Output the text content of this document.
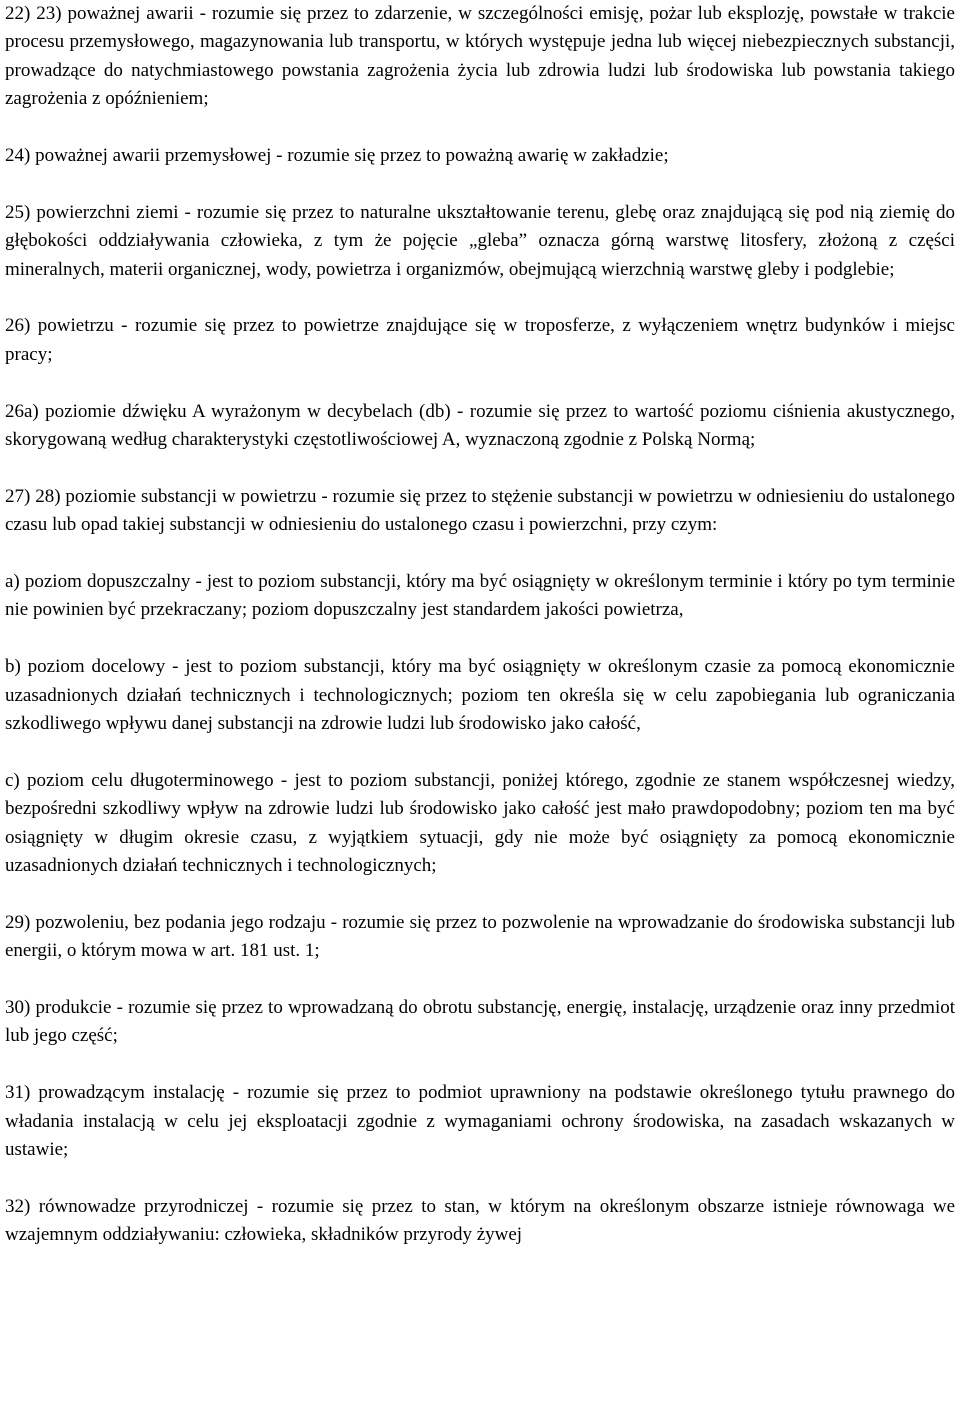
22) 23) poważnej awarii - rozumie się przez to zdarzenie, w szczególności emisję, pożar lub eksplozję, powstałe w trakcie procesu przemysłowego, magazynowania lub transportu, w których występuje jedna lub więcej niebezpiecznych substancji, prowadzące do natychmiastowego powstania zagrożenia życia lub zdrowia ludzi lub środowiska lub powstania takiego zagrożenia z opóźnieniem;

24) poważnej awarii przemysłowej - rozumie się przez to poważną awarię w zakładzie;

25) powierzchni ziemi - rozumie się przez to naturalne ukształtowanie terenu, glebę oraz znajdującą się pod nią ziemię do głębokości oddziaływania człowieka, z tym że pojęcie „gleba” oznacza górną warstwę litosfery, złożoną z części mineralnych, materii organicznej, wody, powietrza i organizmów, obejmującą wierzchnią warstwę gleby i podglebie;

26) powietrzu - rozumie się przez to powietrze znajdujące się w troposferze, z wyłączeniem wnętrz budynków i miejsc pracy;

26a) poziomie dźwięku A wyrażonym w decybelach (db) - rozumie się przez to wartość poziomu ciśnienia akustycznego, skorygowaną według charakterystyki częstotliwościowej A, wyznaczoną zgodnie z Polską Normą;

27) 28) poziomie substancji w powietrzu - rozumie się przez to stężenie substancji w powietrzu w odniesieniu do ustalonego czasu lub opad takiej substancji w odniesieniu do ustalonego czasu i powierzchni, przy czym:

a) poziom dopuszczalny - jest to poziom substancji, który ma być osiągnięty w określonym terminie i który po tym terminie nie powinien być przekraczany; poziom dopuszczalny jest standardem jakości powietrza,

b) poziom docelowy - jest to poziom substancji, który ma być osiągnięty w określonym czasie za pomocą ekonomicznie uzasadnionych działań technicznych i technologicznych; poziom ten określa się w celu zapobiegania lub ograniczania szkodliwego wpływu danej substancji na zdrowie ludzi lub środowisko jako całość,

c) poziom celu długoterminowego - jest to poziom substancji, poniżej którego, zgodnie ze stanem współczesnej wiedzy, bezpośredni szkodliwy wpływ na zdrowie ludzi lub środowisko jako całość jest mało prawdopodobny; poziom ten ma być osiągnięty w długim okresie czasu, z wyjątkiem sytuacji, gdy nie może być osiągnięty za pomocą ekonomicznie uzasadnionych działań technicznych i technologicznych;

29) pozwoleniu, bez podania jego rodzaju - rozumie się przez to pozwolenie na wprowadzanie do środowiska substancji lub energii, o którym mowa w art. 181 ust. 1;

30) produkcie - rozumie się przez to wprowadzaną do obrotu substancję, energię, instalację, urządzenie oraz inny przedmiot lub jego część;

31) prowadzącym instalację - rozumie się przez to podmiot uprawniony na podstawie określonego tytułu prawnego do władania instalacją w celu jej eksploatacji zgodnie z wymaganiami ochrony środowiska, na zasadach wskazanych w ustawie;

32) równowadze przyrodniczej - rozumie się przez to stan, w którym na określonym obszarze istnieje równowaga we wzajemnym oddziaływaniu: człowieka, składników przyrody żywej
